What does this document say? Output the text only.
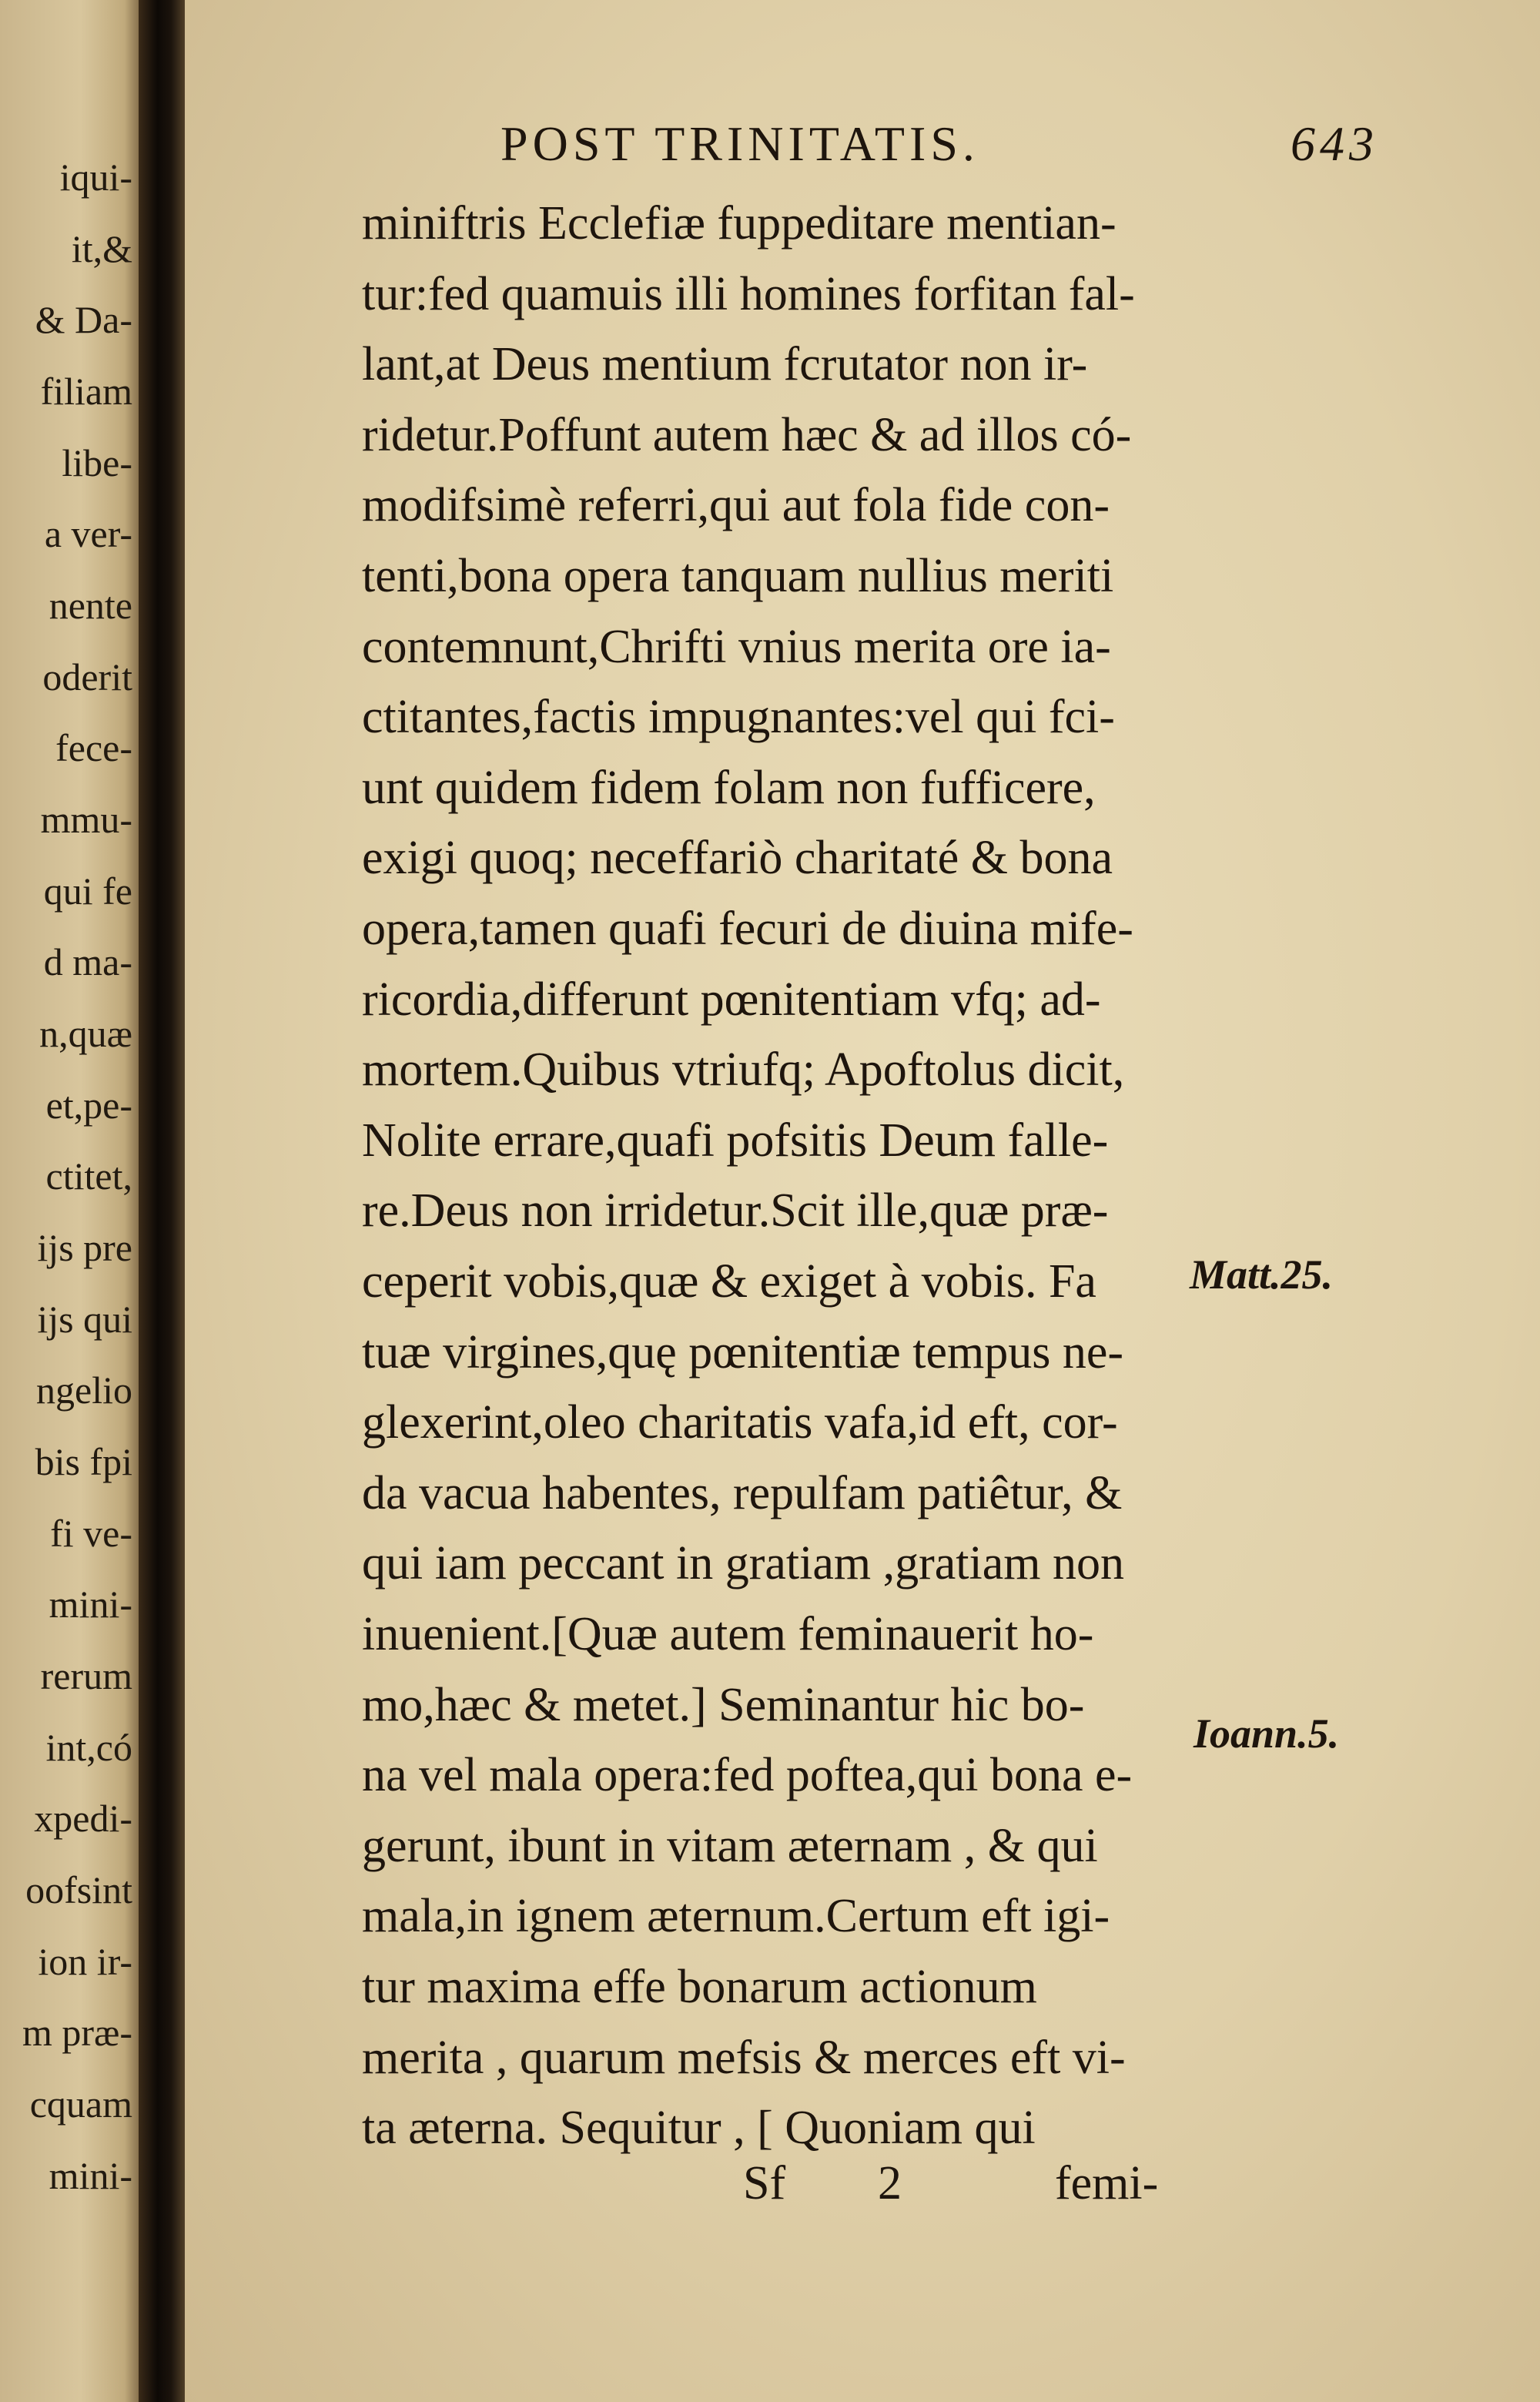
iqui-
it,&
& Da-
filiam
libe-
a ver-
nente
oderit
fece-
mmu-
qui fe
d ma-
n,quæ
et,pe-
ctitet,
ijs pre
ijs qui
ngelio
bis fpi
fi ve-
mini-
rerum
int,có
xpedi-
oofsint
ion ir-
m præ-
cquam
mini-
POST TRINITATIS.	643
miniftris Ecclefiæ fuppeditare mentian-
tur:fed quamuis illi homines forfitan fal-
lant,at Deus mentium fcrutator non ir-
ridetur.Poffunt autem hæc & ad illos có-
modifsimè referri,qui aut fola fide con-
tenti,bona opera tanquam nullius meriti
contemnunt,Chrifti vnius merita ore ia-
ctitantes,factis impugnantes:vel qui fci-
unt quidem fidem folam non fufficere,
exigi quoq; neceffariò charitaté & bona
opera,tamen quafi fecuri de diuina mife-
ricordia,differunt pœnitentiam vfq; ad-
mortem.Quibus vtriufq; Apoftolus dicit,
Nolite errare,quafi pofsitis Deum falle-
re.Deus non irridetur.Scit ille,quæ præ-
ceperit vobis,quæ & exiget à vobis. Fa
tuæ virgines,quę pœnitentiæ tempus ne-
glexerint,oleo charitatis vafa,id eft, cor-
da vacua habentes, repulfam patiêtur, &
qui iam peccant in gratiam ,gratiam non
inuenient.[Quæ autem feminauerit ho-
mo,hæc & metet.] Seminantur hic bo-
na vel mala opera:fed poftea,qui bona e-
gerunt, ibunt in vitam æternam , & qui
mala,in ignem æternum.Certum eft igi-
tur maxima effe bonarum actionum
merita , quarum mefsis & merces eft vi-
ta æterna. Sequitur , [ Quoniam qui
Matt.25.
Ioann.5.
Sf 2	femi-
